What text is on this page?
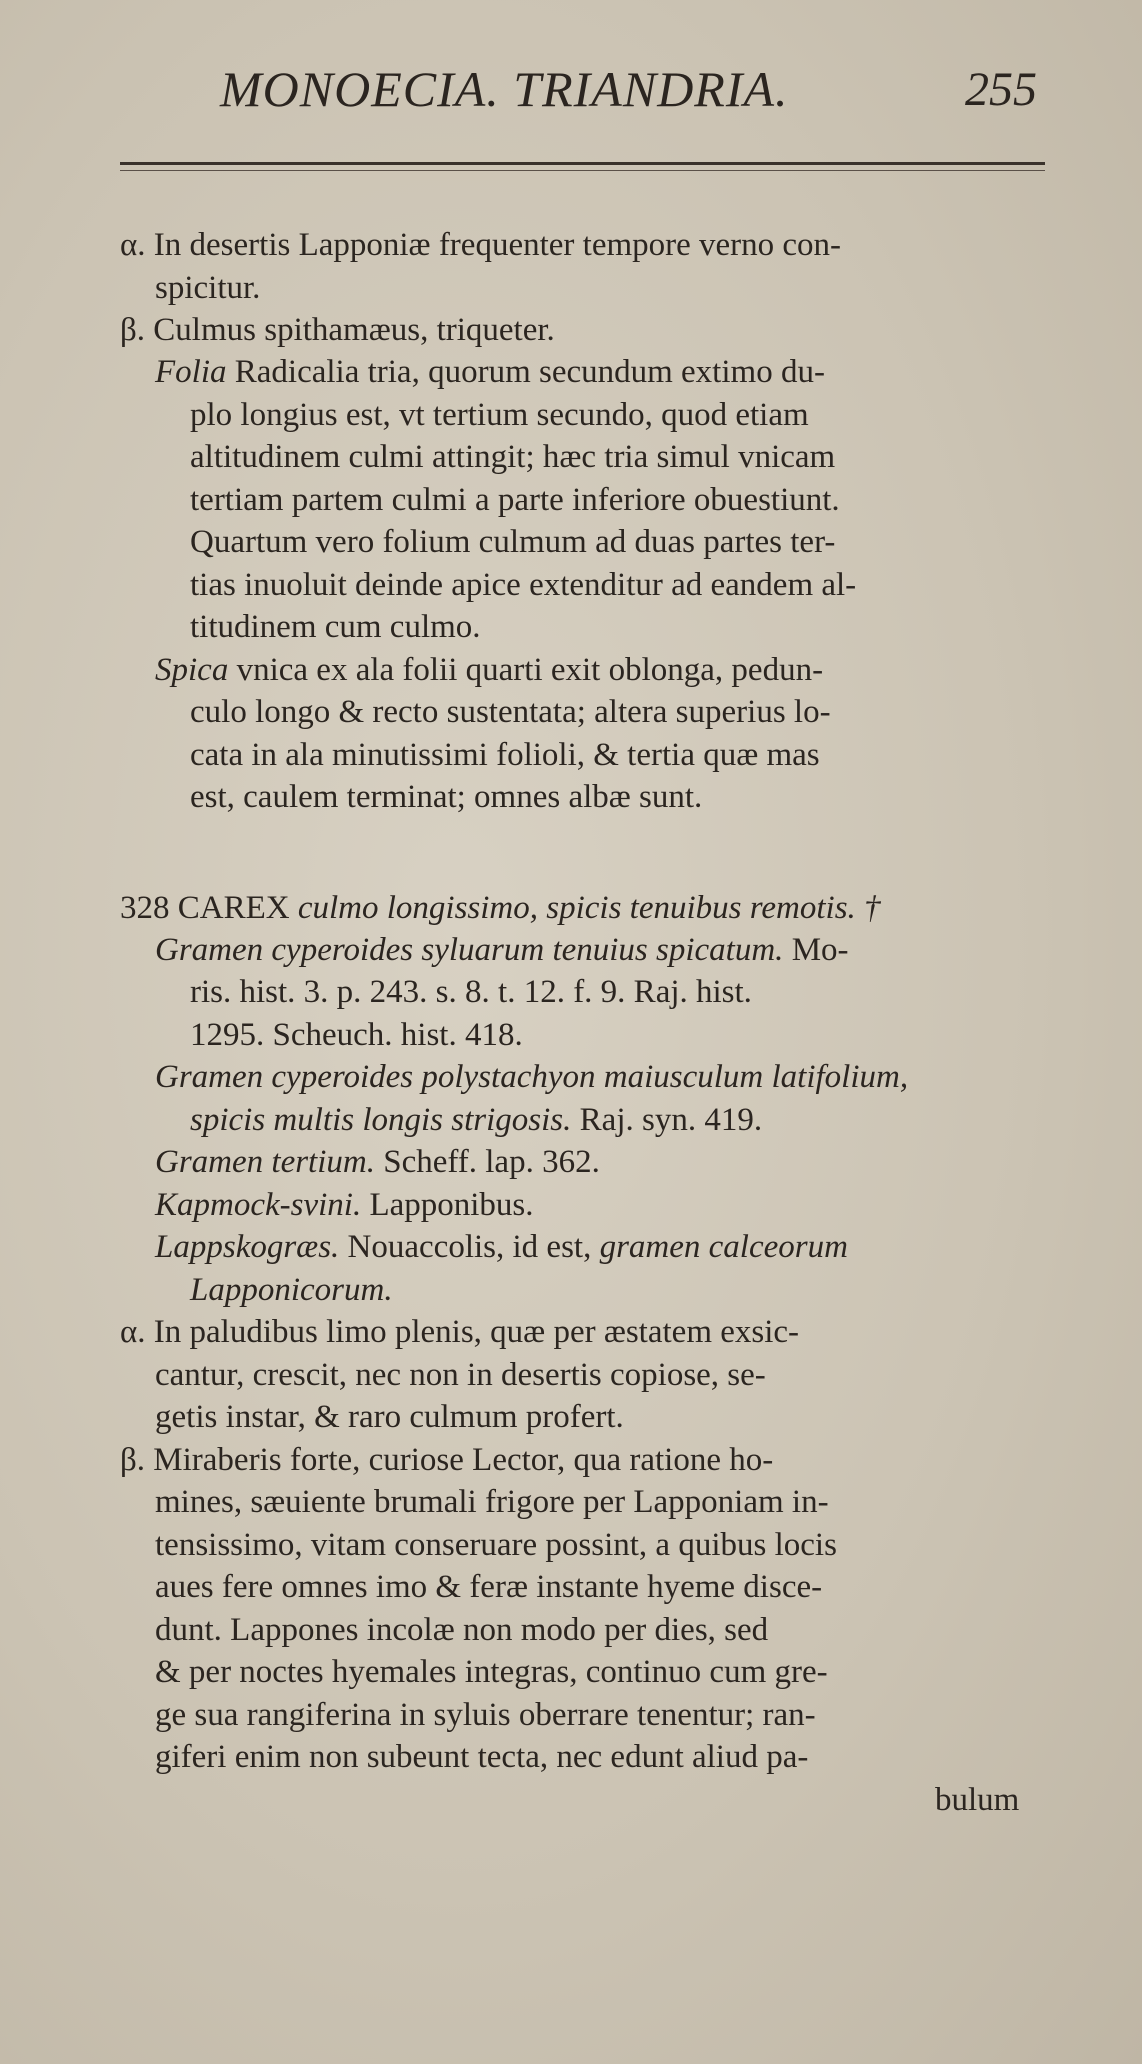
MONOECIA. TRIANDRIA.	255
α. In desertis Lapponiæ frequenter tempore verno con-
spicitur.
β. Culmus spithamæus, triqueter.
Folia Radicalia tria, quorum secundum extimo du-
plo longius est, vt tertium secundo, quod etiam
altitudinem culmi attingit; hæc tria simul vnicam
tertiam partem culmi a parte inferiore obuestiunt.
Quartum vero folium culmum ad duas partes ter-
tias inuoluit deinde apice extenditur ad eandem al-
titudinem cum culmo.
Spica vnica ex ala folii quarti exit oblonga, pedun-
culo longo & recto sustentata; altera superius lo-
cata in ala minutissimi folioli, & tertia quæ mas
est, caulem terminat; omnes albæ sunt.
328 CAREX culmo longissimo, spicis tenuibus remotis. †
Gramen cyperoides syluarum tenuius spicatum. Mo-
ris. hist. 3. p. 243. s. 8. t. 12. f. 9. Raj. hist.
1295. Scheuch. hist. 418.
Gramen cyperoides polystachyon maiusculum latifolium,
spicis multis longis strigosis. Raj. syn. 419.
Gramen tertium. Scheff. lap. 362.
Kapmock-svini. Lapponibus.
Lappskogræs. Nouaccolis, id est, gramen calceorum
Lapponicorum.
α. In paludibus limo plenis, quæ per æstatem exsic-
cantur, crescit, nec non in desertis copiose, se-
getis instar, & raro culmum profert.
β. Miraberis forte, curiose Lector, qua ratione ho-
mines, sæuiente brumali frigore per Lapponiam in-
tensissimo, vitam conseruare possint, a quibus locis
aues fere omnes imo & feræ instante hyeme disce-
dunt. Lappones incolæ non modo per dies, sed
& per noctes hyemales integras, continuo cum gre-
ge sua rangiferina in syluis oberrare tenentur; ran-
giferi enim non subeunt tecta, nec edunt aliud pa-
bulum
